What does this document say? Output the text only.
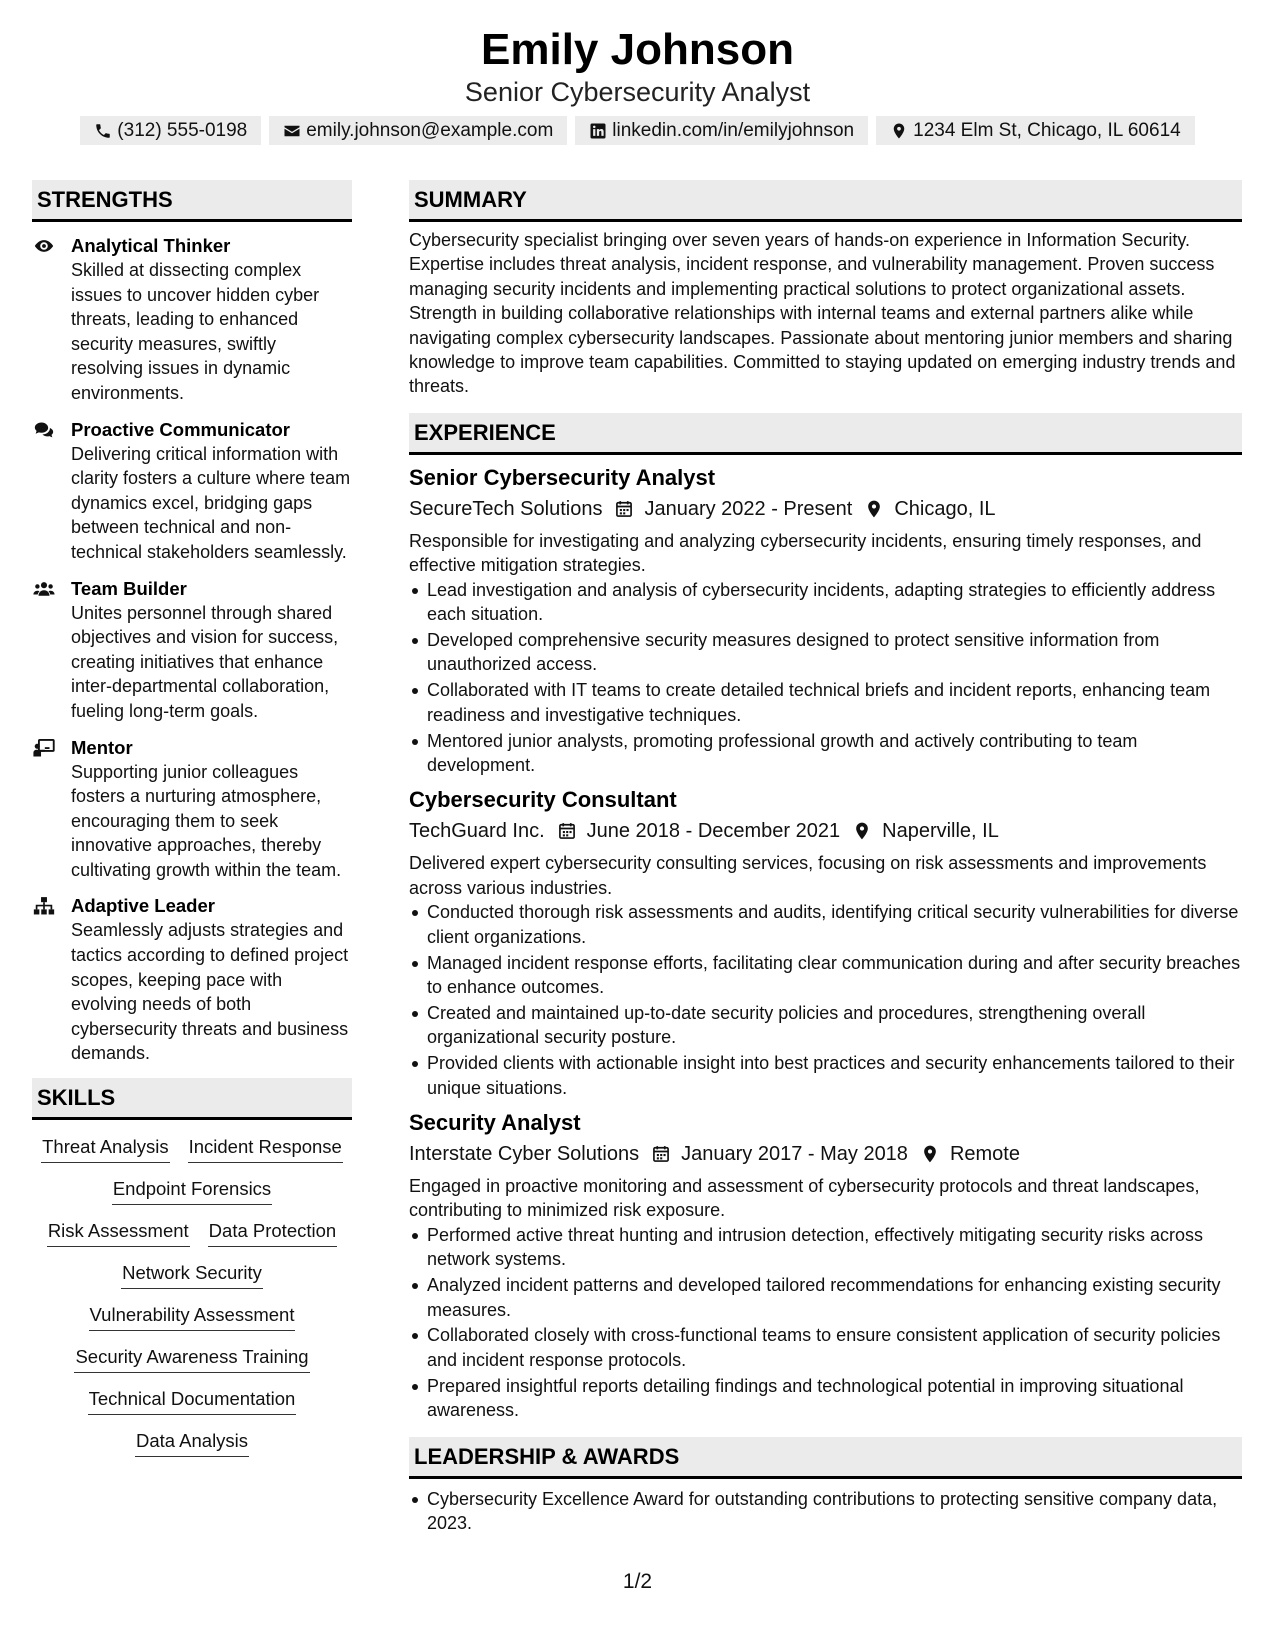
Emily Johnson
Senior Cybersecurity Analyst
(312) 555-0198	emily.johnson@example.com	linkedin.com/in/emilyjohnson	1234 Elm St, Chicago, IL 60614
STRENGTHS
Analytical Thinker
Skilled at dissecting complex issues to uncover hidden cyber threats, leading to enhanced security measures, swiftly resolving issues in dynamic environments.
Proactive Communicator
Delivering critical information with clarity fosters a culture where team dynamics excel, bridging gaps between technical and non-technical stakeholders seamlessly.
Team Builder
Unites personnel through shared objectives and vision for success, creating initiatives that enhance inter-departmental collaboration, fueling long-term goals.
Mentor
Supporting junior colleagues fosters a nurturing atmosphere, encouraging them to seek innovative approaches, thereby cultivating growth within the team.
Adaptive Leader
Seamlessly adjusts strategies and tactics according to defined project scopes, keeping pace with evolving needs of both cybersecurity threats and business demands.
SKILLS
Threat Analysis Incident Response
Endpoint Forensics
Risk Assessment Data Protection
Network Security
Vulnerability Assessment
Security Awareness Training
Technical Documentation
Data Analysis
SUMMARY

Cybersecurity specialist bringing over seven years of hands-on experience in Information Security. Expertise includes threat analysis, incident response, and vulnerability management. Proven success managing security incidents and implementing practical solutions to protect organizational assets. Strength in building collaborative relationships with internal teams and external partners alike while navigating complex cybersecurity landscapes. Passionate about mentoring junior members and sharing knowledge to improve team capabilities. Committed to staying updated on emerging industry trends and threats.

EXPERIENCE
Senior Cybersecurity Analyst
SecureTech Solutions January 2022 - Present Chicago, IL

Responsible for investigating and analyzing cybersecurity incidents, ensuring timely responses, and effective mitigation strategies.

Lead investigation and analysis of cybersecurity incidents, adapting strategies to efficiently address each situation.
Developed comprehensive security measures designed to protect sensitive information from unauthorized access.
Collaborated with IT teams to create detailed technical briefs and incident reports, enhancing team readiness and investigative techniques.
Mentored junior analysts, promoting professional growth and actively contributing to team development.
Cybersecurity Consultant
TechGuard Inc. June 2018 - December 2021 Naperville, IL

Delivered expert cybersecurity consulting services, focusing on risk assessments and improvements across various industries.

Conducted thorough risk assessments and audits, identifying critical security vulnerabilities for diverse client organizations.
Managed incident response efforts, facilitating clear communication during and after security breaches to enhance outcomes.
Created and maintained up-to-date security policies and procedures, strengthening overall organizational security posture.
Provided clients with actionable insight into best practices and security enhancements tailored to their unique situations.
Security Analyst
Interstate Cyber Solutions January 2017 - May 2018 Remote

Engaged in proactive monitoring and assessment of cybersecurity protocols and threat landscapes, contributing to minimized risk exposure.

Performed active threat hunting and intrusion detection, effectively mitigating security risks across network systems.
Analyzed incident patterns and developed tailored recommendations for enhancing existing security measures.
Collaborated closely with cross-functional teams to ensure consistent application of security policies and incident response protocols.
Prepared insightful reports detailing findings and technological potential in improving situational awareness.
LEADERSHIP & AWARDS
Cybersecurity Excellence Award for outstanding contributions to protecting sensitive company data, 2023.
1/2
